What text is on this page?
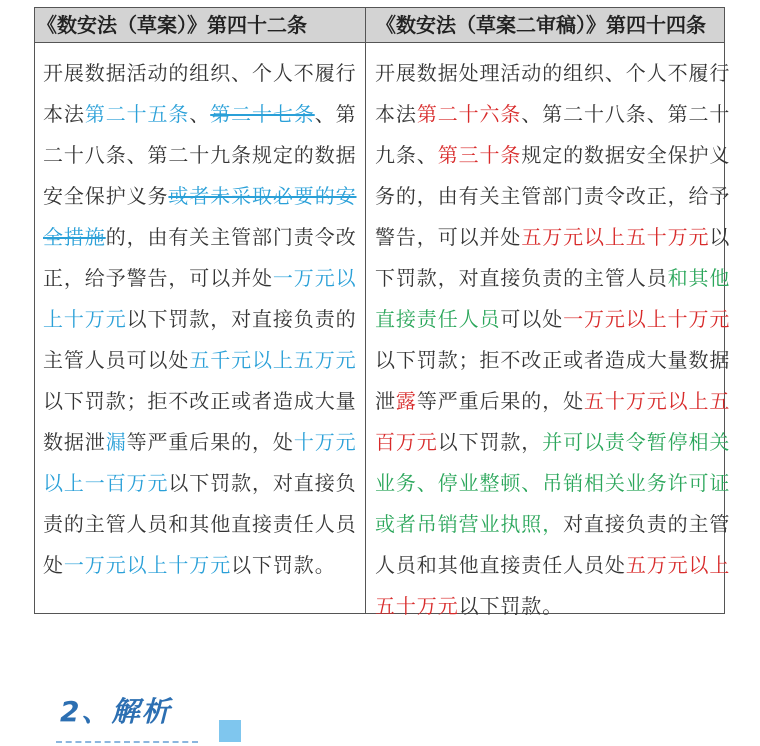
《数安法（草案）》第四十二条	《数安法（草案二审稿）》第四十四条
开展数据活动的组织、个人不履行
本法第二十五条、第二十七条、第
二十八条、第二十九条规定的数据
安全保护义务或者未采取必要的安
全措施的，由有关主管部门责令改
正，给予警告，可以并处一万元以
上十万元以下罚款，对直接负责的
主管人员可以处五千元以上五万元
以下罚款；拒不改正或者造成大量
数据泄漏等严重后果的，处十万元
以上一百万元以下罚款，对直接负
责的主管人员和其他直接责任人员
处一万元以上十万元以下罚款。
开展数据处理活动的组织、个人不履行
本法第二十六条、第二十八条、第二十
九条、第三十条规定的数据安全保护义
务的，由有关主管部门责令改正，给予
警告，可以并处五万元以上五十万元以
下罚款，对直接负责的主管人员和其他
直接责任人员可以处一万元以上十万元
以下罚款；拒不改正或者造成大量数据
泄露等严重后果的，处五十万元以上五
百万元以下罚款，并可以责令暂停相关
业务、停业整顿、吊销相关业务许可证
或者吊销营业执照，对直接负责的主管
人员和其他直接责任人员处五万元以上
五十万元以下罚款。
2、解析
